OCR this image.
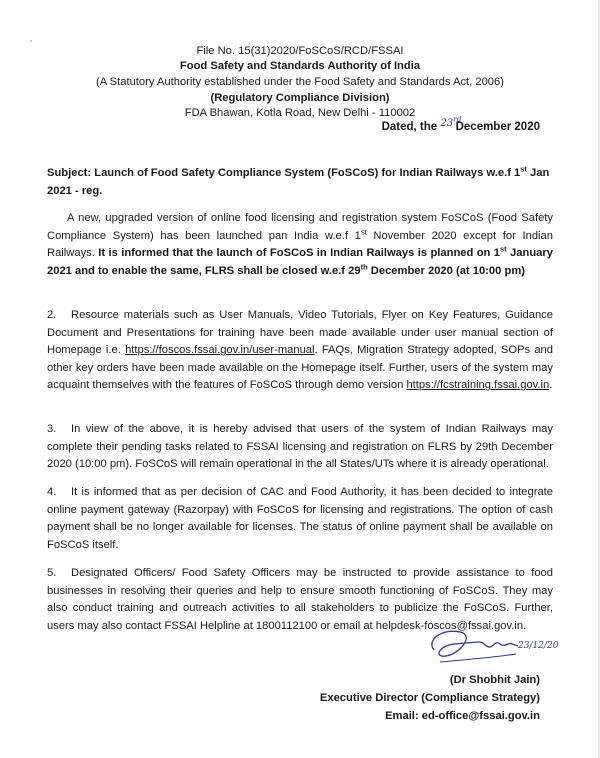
File No. 15(31)2020/FoSCoS/RCD/FSSAI
Food Safety and Standards Authority of India
(A Statutory Authority established under the Food Safety and Standards Act, 2006)
(Regulatory Compliance Division)
FDA Bhawan, Kotla Road, New Delhi - 110002
Dated, the 23rd December 2020
Subject: Launch of Food Safety Compliance System (FoSCoS) for Indian Railways w.e.f 1st Jan 2021 - reg.
A new, upgraded version of online food licensing and registration system FoSCoS (Food Safety Compliance System) has been launched pan India w.e.f 1st November 2020 except for Indian Railways. It is informed that the launch of FoSCoS in Indian Railways is planned on 1st January 2021 and to enable the same, FLRS shall be closed w.e.f 29th December 2020 (at 10:00 pm)
2. Resource materials such as User Manuals, Video Tutorials, Flyer on Key Features, Guidance Document and Presentations for training have been made available under user manual section of Homepage i.e. https://foscos.fssai.gov.in/user-manual. FAQs, Migration Strategy adopted, SOPs and other key orders have been made available on the Homepage itself. Further, users of the system may acquaint themselves with the features of FoSCoS through demo version https://fcstraining.fssai.gov.in.
3. In view of the above, it is hereby advised that users of the system of Indian Railways may complete their pending tasks related to FSSAI licensing and registration on FLRS by 29th December 2020 (10:00 pm). FoSCoS will remain operational in the all States/UTs where it is already operational.
4. It is informed that as per decision of CAC and Food Authority, it has been decided to integrate online payment gateway (Razorpay) with FoSCoS for licensing and registrations. The option of cash payment shall be no longer available for licenses. The status of online payment shall be available on FoSCoS itself.
5. Designated Officers/ Food Safety Officers may be instructed to provide assistance to food businesses in resolving their queries and help to ensure smooth functioning of FoSCoS. They may also conduct training and outreach activities to all stakeholders to publicize the FoSCoS. Further, users may also contact FSSAI Helpline at 1800112100 or email at helpdesk-foscos@fssai.gov.in.
23/12/20
(Dr Shobhit Jain)
Executive Director (Compliance Strategy)
Email: ed-office@fssai.gov.in
